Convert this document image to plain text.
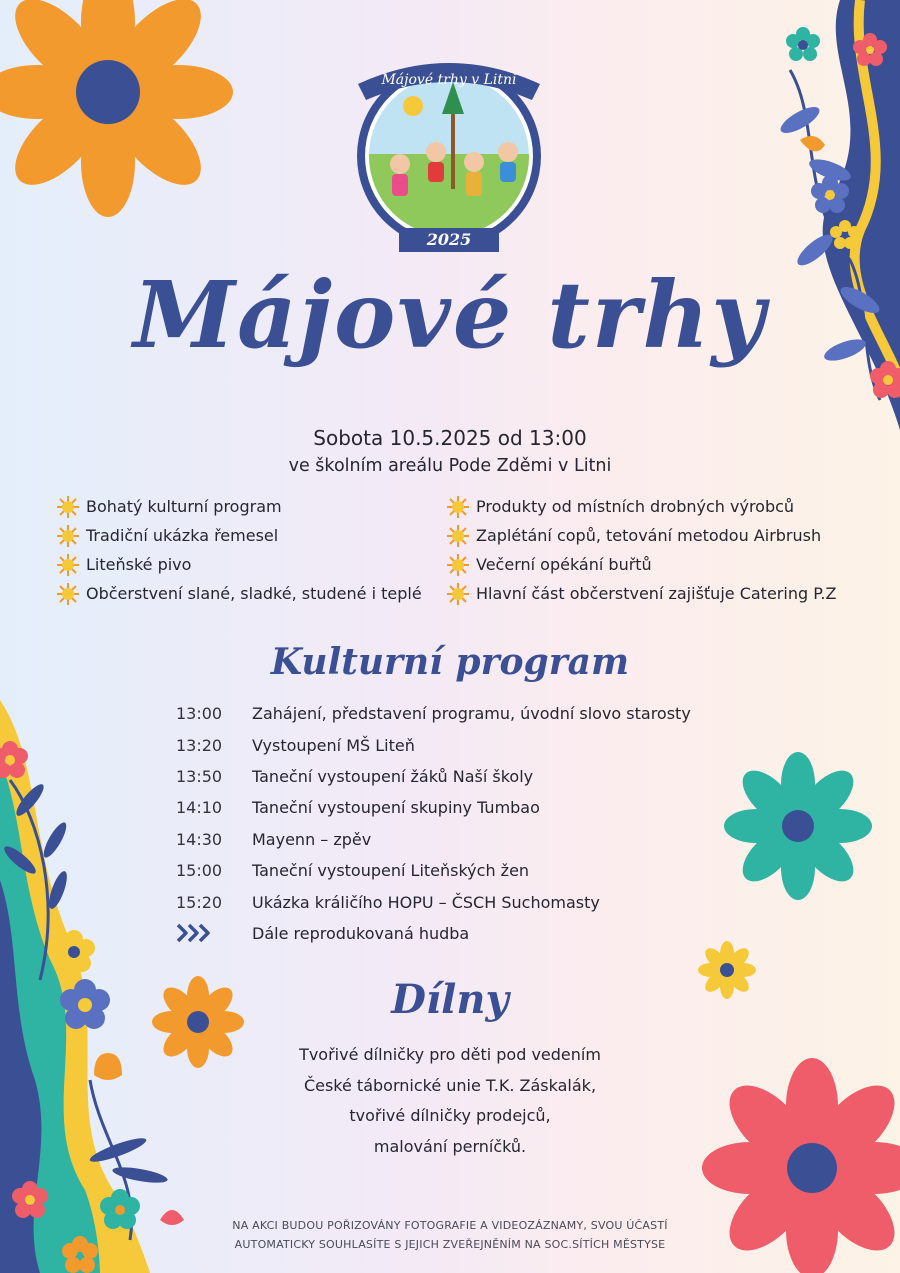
Májové trhy v Litni
2025
Májové trhy
Sobota 10.5.2025 od 13:00
ve školním areálu Pode Zděmi v Litni
Bohatý kulturní program
Tradiční ukázka řemesel
Liteňské pivo
Občerstvení slané, sladké, studené i teplé
Produkty od místních drobných výrobců
Zaplétání copů, tetování metodou Airbrush
Večerní opékání buřtů
Hlavní část občerstvení zajišťuje Catering P.Z
Kulturní program
13:00	Zahájení, představení programu, úvodní slovo starosty
13:20	Vystoupení MŠ Liteň
13:50	Taneční vystoupení žáků Naší školy
14:10	Taneční vystoupení skupiny Tumbao
14:30	Mayenn – zpěv
15:00	Taneční vystoupení Liteňských žen
15:20	Ukázka králičího HOPU – ČSCH Suchomasty
Dále reprodukovaná hudba
Dílny
Tvořivé dílničky pro děti pod vedením
České tábornické unie T.K. Záskalák,
tvořivé dílničky prodejců,
malování perníčků.
NA AKCI BUDOU POŘIZOVÁNY FOTOGRAFIE A VIDEOZÁZNAMY, SVOU ÚČASTÍ
AUTOMATICKY SOUHLASÍTE S JEJICH ZVEŘEJNĚNÍM NA SOC.SÍTÍCH MĚSTYSE
